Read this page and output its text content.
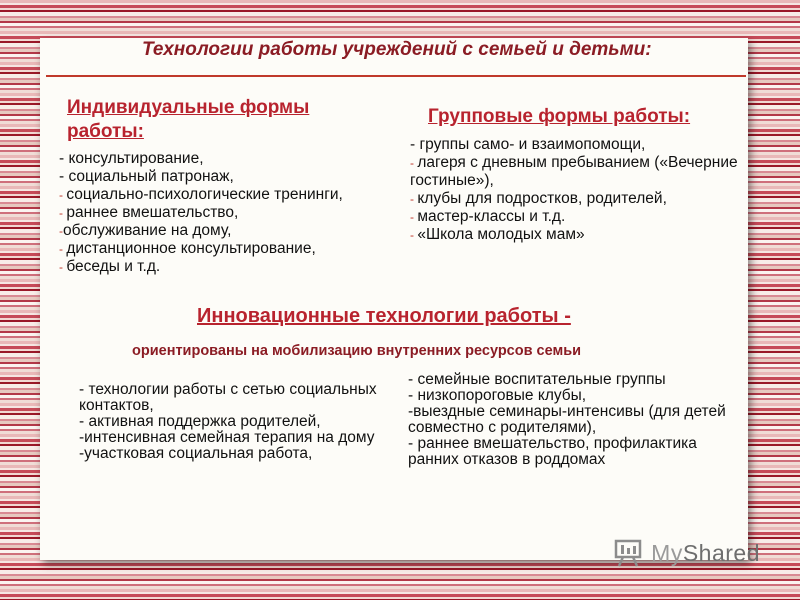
Технологии работы учреждений с семьей и детьми:
Индивидуальные формы работы:
- консультирование,
- социальный патронаж,
- социально-психологические тренинги,
- раннее вмешательство,
-обслуживание на дому,
- дистанционное консультирование,
- беседы и т.д.
Групповые формы работы:
- группы само- и взаимопомощи,
- лагеря с дневным пребыванием («Вечерние гостиные»),
- клубы для подростков, родителей,
- мастер-классы и т.д.
- «Школа молодых мам»
Инновационные технологии работы -
ориентированы на мобилизацию внутренних ресурсов семьи
- технологии работы с сетью социальных контактов,
- активная поддержка родителей,
-интенсивная семейная терапия на дому
-участковая социальная работа,
- семейные воспитательные группы
- низкопороговые клубы,
-выездные семинары-интенсивы (для детей совместно с родителями),
- раннее вмешательство, профилактика ранних отказов в роддомах
MyShared
